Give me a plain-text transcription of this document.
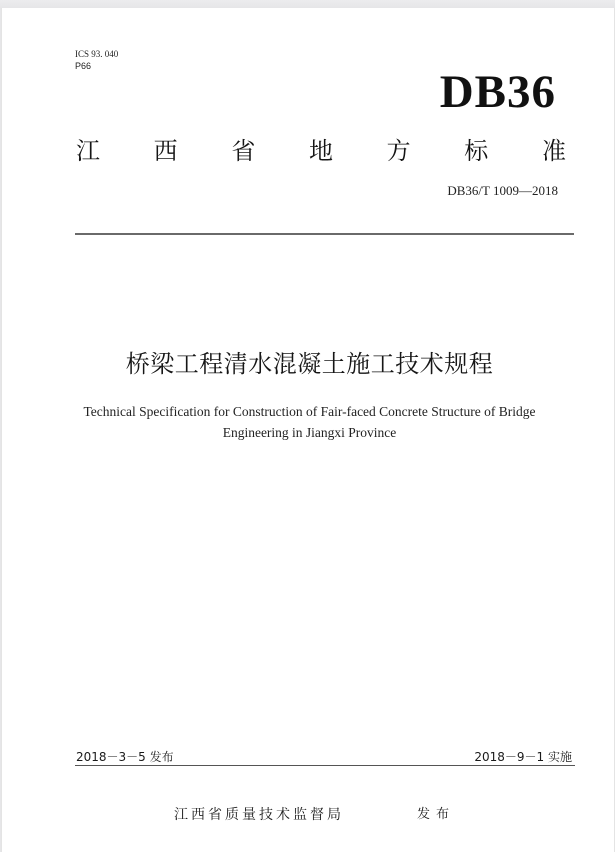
ICS 93. 040
P66	DB36
江 西 省 地 方 标 准
DB36/T 1009—2018
桥梁工程清水混凝土施工技术规程
Technical Specification for Construction of Fair-faced Concrete Structure of Bridge
Engineering in Jiangxi Province
2018－3－5 发布	2018－9－1 实施
江西省质量技术监督局	发布
